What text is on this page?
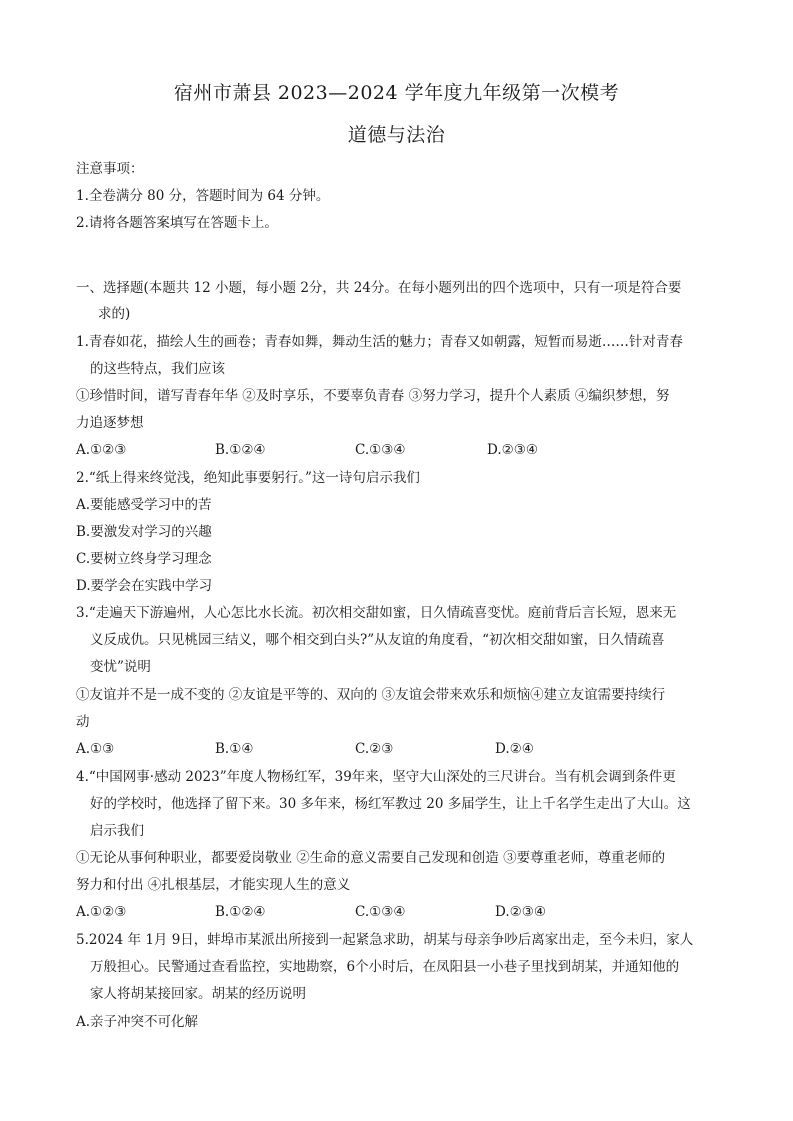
宿州市萧县 2023—2024 学年度九年级第一次模考
道德与法治
注意事项：
1.全卷满分 80 分，答题时间为 64 分钟。
2.请将各题答案填写在答题卡上。
一、选择题(本题共 12 小题，每小题 2分，共 24分。在每小题列出的四个选项中，只有一项是符合要
求的)
1.青春如花，描绘人生的画卷；青春如舞，舞动生活的魅力；青春又如朝露，短暂而易逝……针对青春
的这些特点，我们应该
①珍惜时间，谱写青春年华 ②及时享乐，不要辜负青春 ③努力学习，提升个人素质 ④编织梦想，努
力追逐梦想
A.①②③	B.①②④	C.①③④	D.②③④
2.“纸上得来终觉浅，绝知此事要躬行。”这一诗句启示我们
A.要能感受学习中的苦
B.要激发对学习的兴趣
C.要树立终身学习理念
D.要学会在实践中学习
3.“走遍天下游遍州，人心怎比水长流。初次相交甜如蜜，日久情疏喜变忧。庭前背后言长短，恩来无
义反成仇。只见桃园三结义，哪个相交到白头?”从友谊的角度看，“初次相交甜如蜜，日久情疏喜
变忧”说明
①友谊并不是一成不变的 ②友谊是平等的、双向的 ③友谊会带来欢乐和烦恼④建立友谊需要持续行
动
A.①③	B.①④	C.②③	D.②④
4.“中国网事·感动 2023”年度人物杨红军，39年来，坚守大山深处的三尺讲台。当有机会调到条件更
好的学校时，他选择了留下来。30 多年来，杨红军教过 20 多届学生，让上千名学生走出了大山。这
启示我们
①无论从事何种职业，都要爱岗敬业 ②生命的意义需要自己发现和创造 ③要尊重老师，尊重老师的
努力和付出 ④扎根基层，才能实现人生的意义
A.①②③	B.①②④	C.①③④	D.②③④
5.2024 年 1月 9日，蚌埠市某派出所接到一起紧急求助，胡某与母亲争吵后离家出走，至今未归，家人
万般担心。民警通过查看监控，实地勘察，6个小时后，在凤阳县一小巷子里找到胡某，并通知他的
家人将胡某接回家。胡某的经历说明
A.亲子冲突不可化解
